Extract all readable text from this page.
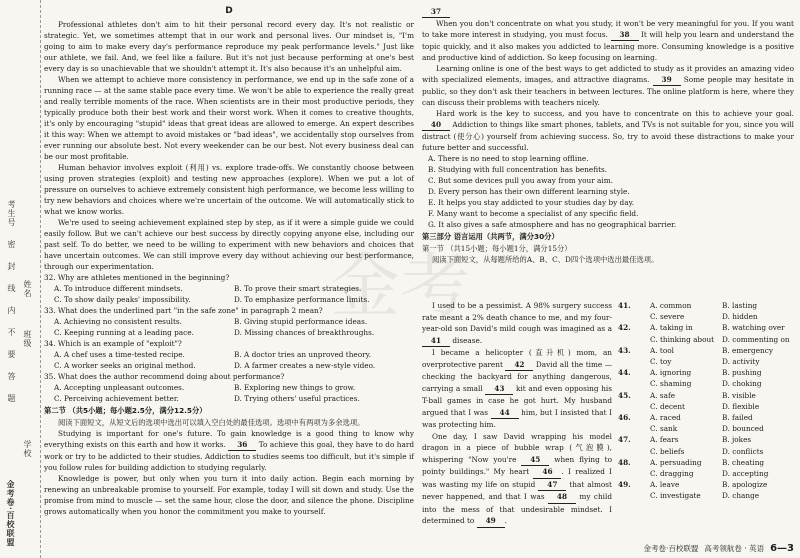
考生号
密
封
线
内
不
要
答
题
姓名
班级
学校
金考卷·百校联盟
金考
D

Professional athletes don't aim to hit their personal record every day. It's not realistic or strategic. Yet, we sometimes attempt that in our work and personal lives. Our mindset is, "I'm going to aim to make every day's performance reproduce my peak performance levels." Just like our athlete, we fail. And, we feel like a failure. But it's not just because performing at one's best every day is so unachievable that we shouldn't attempt it. It's also because it's an unhelpful aim.

When we attempt to achieve more consistency in performance, we end up in the safe zone of a running race — at the same stable pace every time. We won't be able to experience the really great and really terrible moments of the race. When scientists are in their most productive periods, they typically produce both their best work and their worst work. When it comes to creative thoughts, it's only by encouraging "stupid" ideas that great ideas are allowed to emerge. An expert describes it this way: When we attempt to avoid mistakes or "bad ideas", we accidentally stop ourselves from ever running our absolute best. Not every weekender can be our best. Not every business deal can be our most profitable.

Human behavior involves exploit (利用) vs. explore trade-offs. We constantly choose between using proven strategies (exploit) and testing new approaches (explore). When we put a lot of pressure on ourselves to achieve extremely consistent high performance, we become less willing to try new behaviors and choices where we're uncertain of the outcome. We will automatically stick to what we know works.

We're used to seeing achievement explained step by step, as if it were a simple guide we could easily follow. But we can't achieve our best success by directly copying anyone else, including our past self. To do better, we need to be willing to experiment with new behaviors and choices that have uncertain outcomes. We can still improve every day without achieving our best performance, through our experimentation.

32. Why are athletes mentioned in the beginning?
A. To introduce different mindsets.	B. To prove their smart strategies.
C. To show daily peaks' impossibility.	D. To emphasize performance limits.
33. What does the underlined part "in the safe zone" in paragraph 2 mean?
A. Achieving no consistent results.	B. Giving stupid performance ideas.
C. Keeping running at a leading pace.	D. Missing chances of breakthroughs.
34. Which is an example of "exploit"?
A. A chef uses a time-tested recipe.	B. A doctor tries an unproved theory.
C. A worker seeks an original method.	D. A farmer creates a new-style video.
35. What does the author recommend doing about performance?
A. Accepting unpleasant outcomes.	B. Exploring new things to grow.
C. Perceiving achievement better.	D. Trying others' useful practices.
第二节 （共5小题；每小题2.5分，满分12.5分）

阅读下面短文，从短文后的选项中选出可以填入空白处的最佳选项。选项中有两项为多余选项。

Studying is important for one's future. To gain knowledge is a good thing to know why everything exists on this earth and how it works. 36 To achieve this goal, they have to do hard work or try to be addicted to their studies. Addiction to studies seems too difficult, but it's simple if you follow rules for building addiction to studying regularly.

Knowledge is power, but only when you turn it into daily action. Begin each morning by renewing an unbreakable promise to yourself. For example, today I will sit down and study. Use the promise from mind to muscle — set the same hour, close the door, and silence the phone. Discipline grows automatically when you honor the commitment you make to yourself.

37

When you don't concentrate on what you study, it won't be very meaningful for you. If you want to take more interest in studying, you must focus. 38 It will help you learn and understand the topic quickly, and it also makes you addicted to learning more. Consuming knowledge is a positive and productive kind of addiction. So keep focusing on learning.

Learning online is one of the best ways to get addicted to study as it provides an amazing video with specialized elements, images, and attractive diagrams. 39 Some people may hesitate in public, so they don't ask their teachers in between lectures. The online platform is here, where they can discuss their problems with teachers nicely.

Hard work is the key to success, and you have to concentrate on this to achieve your goal. 40 Addiction to things like smart phones, tablets, and TVs is not suitable for you, since you will distract (使分心) yourself from achieving success. So, try to avoid these distractions to make your future better and successful.

A. There is no need to stop learning offline.
B. Studying with full concentration has benefits.
C. But some devices pull you away from your aim.
D. Every person has their own different learning style.
E. It helps you stay addicted to your studies day by day.
F. Many want to become a specialist of any specific field.
G. It also gives a safe atmosphere and has no geographical barrier.
第三部分 语言运用（共两节，满分30分）
第一节 （共15小题；每小题1分，满分15分）
阅读下面短文，从每题所给的A、B、C、D四个选项中选出最佳选项。

I used to be a pessimist. A 98% surgery success rate meant a 2% death chance to me, and my four-year-old son David's mild cough was imagined as a 41 disease.

I became a helicopter (直升机) mom, an overprotective parent 42 David all the time — checking the backyard for anything dangerous, carrying a small 43 kit and even opposing his T-ball games in case he got hurt. My husband argued that I was 44 him, but I insisted that I was protecting him.

One day, I saw David wrapping his model dragon in a piece of bubble wrap (气泡膜), whispering "Now you're 45 when flying to pointy buildings." My heart 46 . I realized I was wasting my life on stupid 47 that almost never happened, and that I was 48 my child into the mess of that undesirable mindset. I determined to 49 .

41.	A. common	B. lasting
C. severe	D. hidden
42.	A. taking in	B. watching over
C. thinking about	D. commenting on
43.	A. tool	B. emergency
C. toy	D. activity
44.	A. ignoring	B. pushing
C. shaming	D. choking
45.	A. safe	B. visible
C. decent	D. flexible
46.	A. raced	B. failed
C. sank	D. bounced
47.	A. fears	B. jokes
C. beliefs	D. conflicts
48.	A. persuading	B. cheating
C. dragging	D. accepting
49.	A. leave	B. apologize
C. investigate	D. change
金考卷·百校联盟 高考领航卷 · 英语 6—3
